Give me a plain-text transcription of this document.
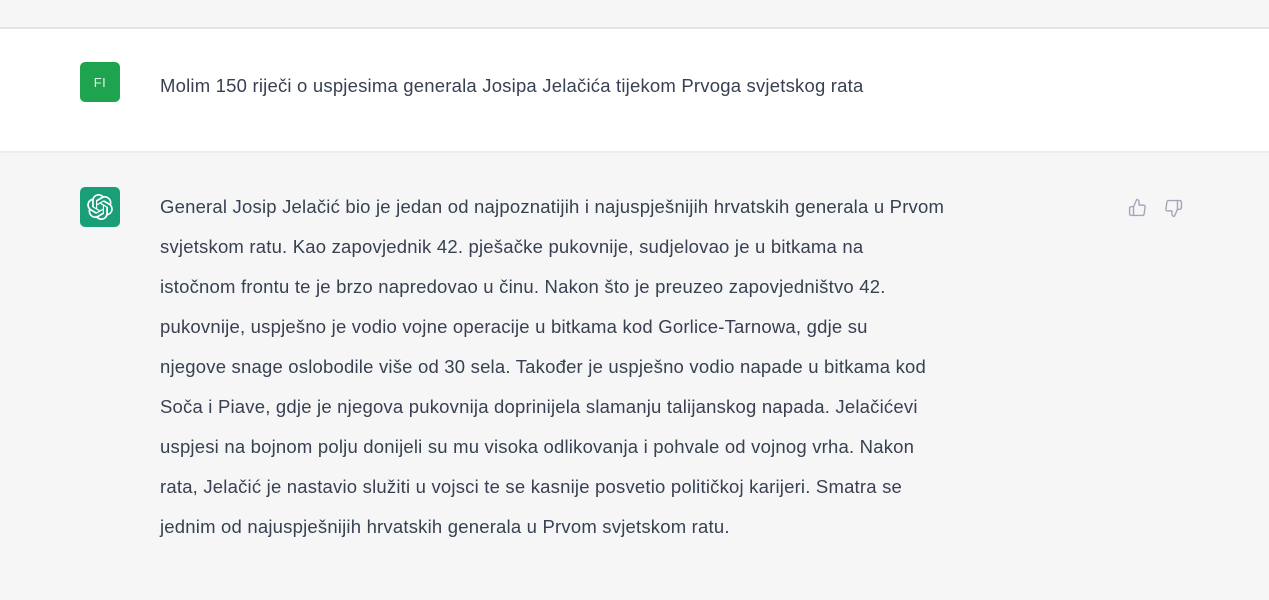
FI	Molim 150 riječi o uspjesima generala Josipa Jelačića tijekom Prvoga svjetskog rata
General Josip Jelačić bio je jedan od najpoznatijih i najuspješnijih hrvatskih generala u Prvom
svjetskom ratu. Kao zapovjednik 42. pješačke pukovnije, sudjelovao je u bitkama na
istočnom frontu te je brzo napredovao u činu. Nakon što je preuzeo zapovjedništvo 42.
pukovnije, uspješno je vodio vojne operacije u bitkama kod Gorlice-Tarnowa, gdje su
njegove snage oslobodile više od 30 sela. Također je uspješno vodio napade u bitkama kod
Soča i Piave, gdje je njegova pukovnija doprinijela slamanju talijanskog napada. Jelačićevi
uspjesi na bojnom polju donijeli su mu visoka odlikovanja i pohvale od vojnog vrha. Nakon
rata, Jelačić je nastavio služiti u vojsci te se kasnije posvetio političkoj karijeri. Smatra se
jednim od najuspješnijih hrvatskih generala u Prvom svjetskom ratu.
